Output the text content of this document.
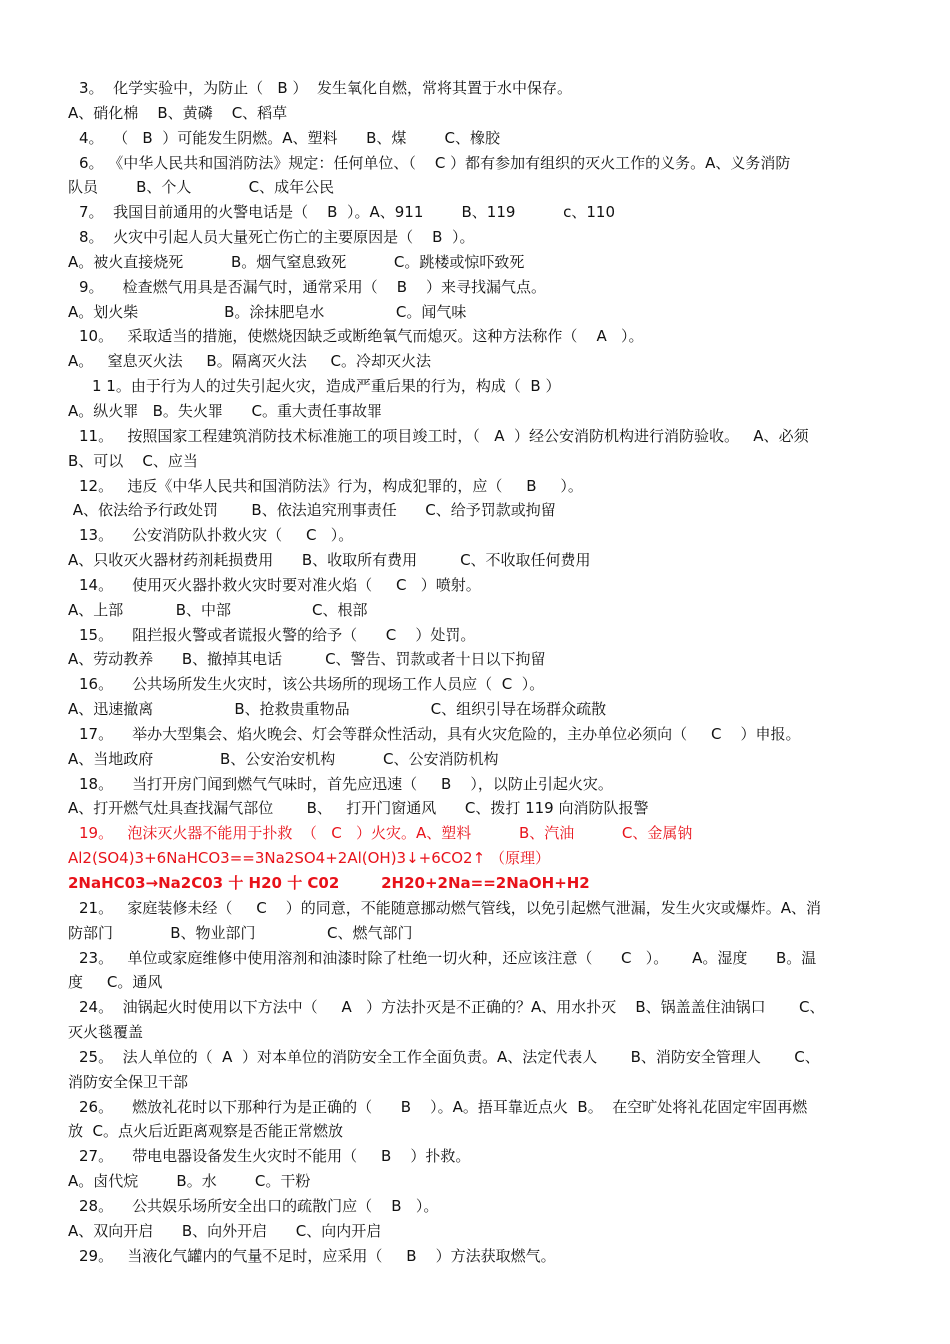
3。  化学实验中，为防止（   B ）  发生氧化自燃，常将其置于水中保存。
A、硝化棉    B、黄磷    C、稻草
4。  （   B  ）可能发生阴燃。A、塑料      B、煤        C、橡胶
6。 《中华人民共和国消防法》规定：任何单位、（    C ）都有参加有组织的灭火工作的义务。A、义务消防
队员        B、个人            C、成年公民
7。  我国目前通用的火警电话是（    B  ）。A、911        B、119          c、110
8。  火灾中引起人员大量死亡伤亡的主要原因是（    B  ）。
A。被火直接烧死          B。烟气窒息致死          C。跳楼或惊吓致死
9。    检查燃气用具是否漏气时，通常采用（    B    ）来寻找漏气点。
A。划火柴                  B。涂抹肥皂水               C。闻气味
10。   采取适当的措施，使燃烧因缺乏或断绝氧气而熄灭。这种方法称作（    A   ）。
A。   窒息灭火法     B。隔离灭火法     C。冷却灭火法
1 1。由于行为人的过失引起火灾，造成严重后果的行为，构成（  B ）
A。纵火罪   B。失火罪      C。重大责任事故罪
11。   按照国家工程建筑消防技术标准施工的项目竣工时，（   A  ）经公安消防机构进行消防验收。   A、必须
B、可以    C、应当
12。   违反《中华人民共和国消防法》行为，构成犯罪的，应（     B     ）。
A、依法给予行政处罚       B、依法追究刑事责任      C、给予罚款或拘留
13。    公安消防队扑救火灾（     C   ）。
A、只收灭火器材药剂耗损费用      B、收取所有费用         C、不收取任何费用
14。    使用灭火器扑救火灾时要对准火焰（     C   ）喷射。
A、上部           B、中部                 C、根部
15。    阻拦报火警或者谎报火警的给予（      C    ）处罚。
A、劳动教养      B、撤掉其电话         C、警告、罚款或者十日以下拘留
16。    公共场所发生火灾时，该公共场所的现场工作人员应（  C  ）。
A、迅速撤离                 B、抢救贵重物品                 C、组织引导在场群众疏散
17。    举办大型集会、焰火晚会、灯会等群众性活动，具有火灾危险的，主办单位必须向（     C    ）申报。
A、当地政府              B、公安治安机构          C、公安消防机构
18。    当打开房门闻到燃气气味时，首先应迅速（     B    ），以防止引起火灾。
A、打开燃气灶具查找漏气部位       B、   打开门窗通风      C、拨打 119 向消防队报警
19。   泡沫灭火器不能用于扑救  （   C   ）火灾。A、塑料          B、汽油          C、金属钠
Al2(SO4)3+6NaHCO3==3Na2SO4+2Al(OH)3↓+6CO2↑ （原理）
2NaHC03→Na2C03 十 H20 十 C02        2H20+2Na==2NaOH+H2
21。   家庭装修未经（     C    ）的同意，不能随意挪动燃气管线，以免引起燃气泄漏，发生火灾或爆炸。A、消
防部门            B、物业部门               C、燃气部门
23。   单位或家庭维修中使用溶剂和油漆时除了杜绝一切火种，还应该注意（      C   ）。     A。湿度      B。温
度     C。通风
24。  油锅起火时使用以下方法中（     A   ）方法扑灭是不正确的？A、用水扑灭    B、锅盖盖住油锅口       C、
灭火毯覆盖
25。  法人单位的（  A  ）对本单位的消防安全工作全面负责。A、法定代表人       B、消防安全管理人       C、
消防安全保卫干部
26。    燃放礼花时以下那种行为是正确的（      B    ）。A。捂耳靠近点火  B。  在空旷处将礼花固定牢固再燃
放  C。点火后近距离观察是否能正常燃放
27。    带电电器设备发生火灾时不能用（     B    ）扑救。
A。卤代烷        B。水        C。干粉
28。    公共娱乐场所安全出口的疏散门应（    B   ）。
A、双向开启      B、向外开启      C、向内开启
29。   当液化气罐内的气量不足时，应采用（     B    ）方法获取燃气。
